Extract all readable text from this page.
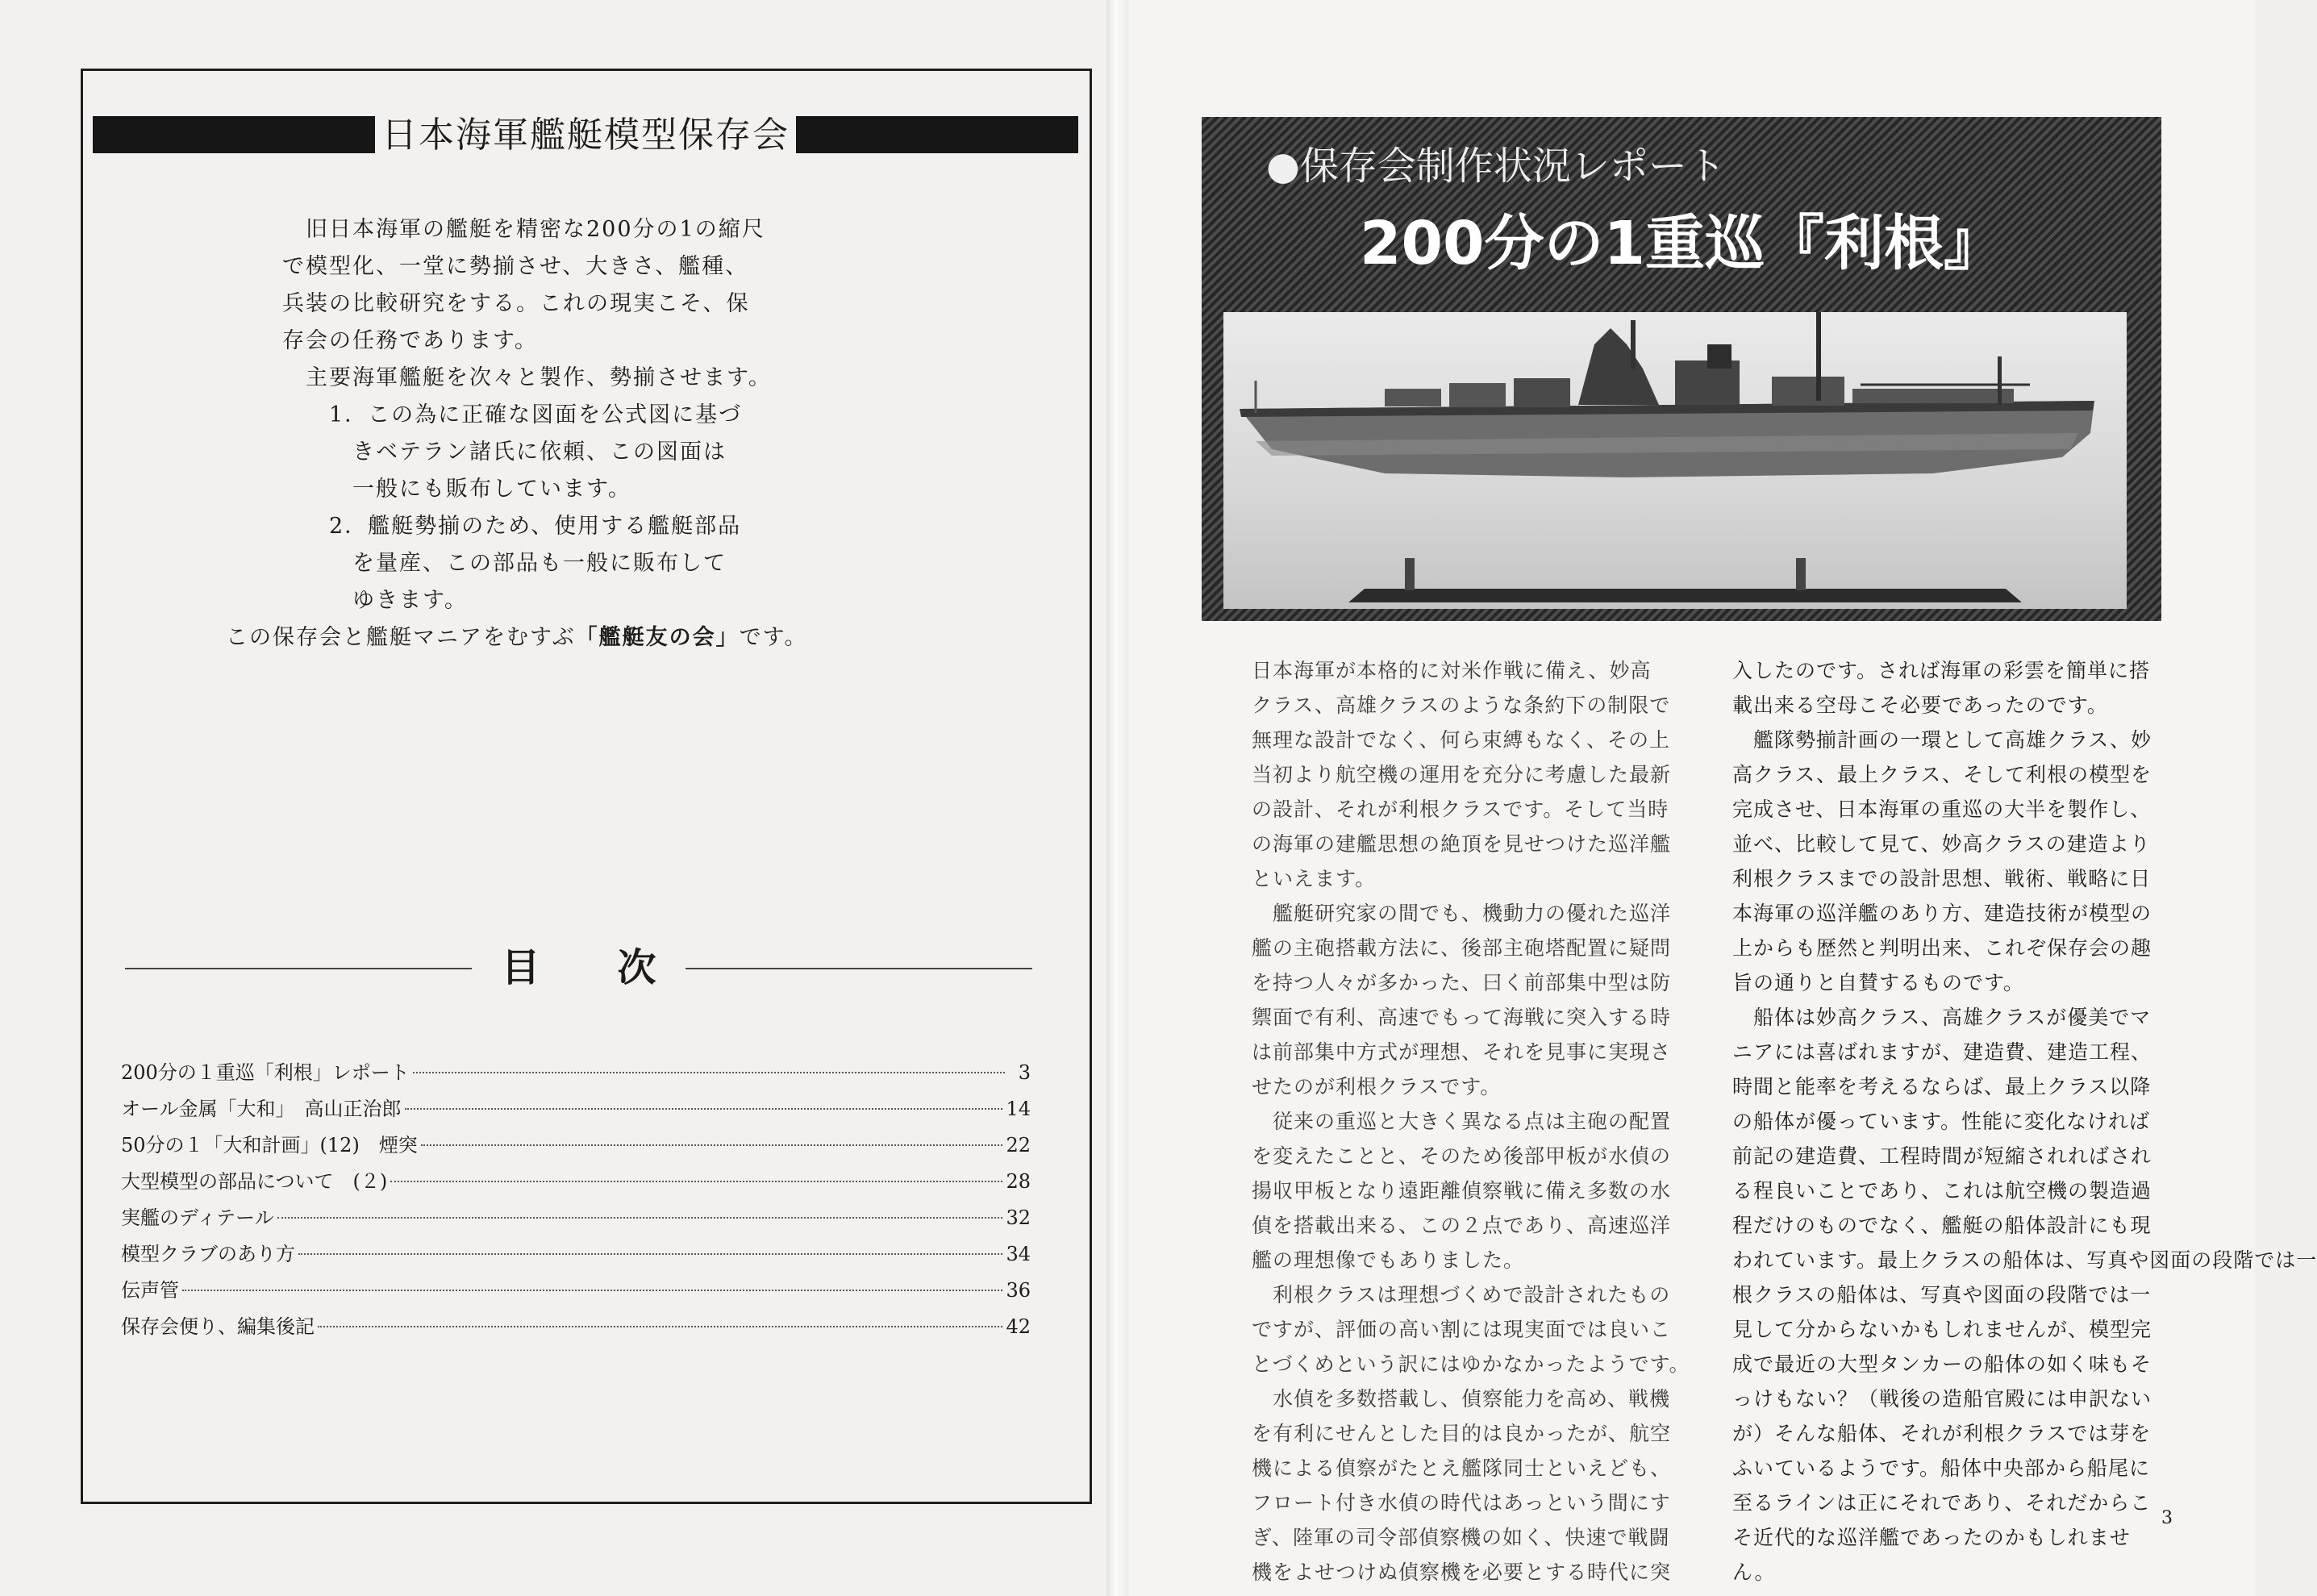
日本海軍艦艇模型保存会
　旧日本海軍の艦艇を精密な200分の1の縮尺
で模型化、一堂に勢揃させ、大きさ、艦種、
兵装の比較研究をする。これの現実こそ、保
存会の任務であります。
　主要海軍艦艇を次々と製作、勢揃させます。
　　1．この為に正確な図面を公式図に基づ
　　　きベテラン諸氏に依頼、この図面は
　　　一般にも販布しています。
　　2．艦艇勢揃のため、使用する艦艇部品
　　　を量産、この部品も一般に販布して
　　　ゆきます。
この保存会と艦艇マニアをむすぶ「艦艇友の会」です。
目　　次
200分の１重巡「利根」レポート	3
オール金属「大和」　高山正治郎	14
50分の１「大和計画」(12)　煙突	22
大型模型の部品について　(２)	28
実艦のディテール	32
模型クラブのあり方	34
伝声管	36
保存会便り、編集後記	42
●保存会制作状況レポート
200分の1重巡『利根』
日本海軍が本格的に対米作戦に備え、妙高
クラス、高雄クラスのような条約下の制限で
無理な設計でなく、何ら束縛もなく、その上
当初より航空機の運用を充分に考慮した最新
の設計、それが利根クラスです。そして当時
の海軍の建艦思想の絶頂を見せつけた巡洋艦
といえます。
　艦艇研究家の間でも、機動力の優れた巡洋
艦の主砲搭載方法に、後部主砲塔配置に疑問
を持つ人々が多かった、曰く前部集中型は防
禦面で有利、高速でもって海戦に突入する時
は前部集中方式が理想、それを見事に実現さ
せたのが利根クラスです。
　従来の重巡と大きく異なる点は主砲の配置
を変えたことと、そのため後部甲板が水偵の
揚収甲板となり遠距離偵察戦に備え多数の水
偵を搭載出来る、この２点であり、高速巡洋
艦の理想像でもありました。
　利根クラスは理想づくめで設計されたもの
ですが、評価の高い割には現実面では良いこ
とづくめという訳にはゆかなかったようです。
　水偵を多数搭載し、偵察能力を高め、戦機
を有利にせんとした目的は良かったが、航空
機による偵察がたとえ艦隊同士といえども、
フロート付き水偵の時代はあっという間にす
ぎ、陸軍の司令部偵察機の如く、快速で戦闘
機をよせつけぬ偵察機を必要とする時代に突
入したのです。されば海軍の彩雲を簡単に搭
載出来る空母こそ必要であったのです。
　艦隊勢揃計画の一環として高雄クラス、妙
高クラス、最上クラス、そして利根の模型を
完成させ、日本海軍の重巡の大半を製作し、
並べ、比較して見て、妙高クラスの建造より
利根クラスまでの設計思想、戦術、戦略に日
本海軍の巡洋艦のあり方、建造技術が模型の
上からも歴然と判明出来、これぞ保存会の趣
旨の通りと自賛するものです。
　船体は妙高クラス、高雄クラスが優美でマ
ニアには喜ばれますが、建造費、建造工程、
時間と能率を考えるならば、最上クラス以降
の船体が優っています。性能に変化なければ
前記の建造費、工程時間が短縮されればされ
る程良いことであり、これは航空機の製造過
程だけのものでなく、艦艇の船体設計にも現
われています。最上クラスの船体は、写真や図面の段階では一
根クラスの船体は、写真や図面の段階では一
見して分からないかもしれませんが、模型完
成で最近の大型タンカーの船体の如く味もそ
っけもない？（戦後の造船官殿には申訳ない
が）そんな船体、それが利根クラスでは芽を
ふいているようです。船体中央部から船尾に
至るラインは正にそれであり、それだからこ
そ近代的な巡洋艦であったのかもしれませ
ん。
3
